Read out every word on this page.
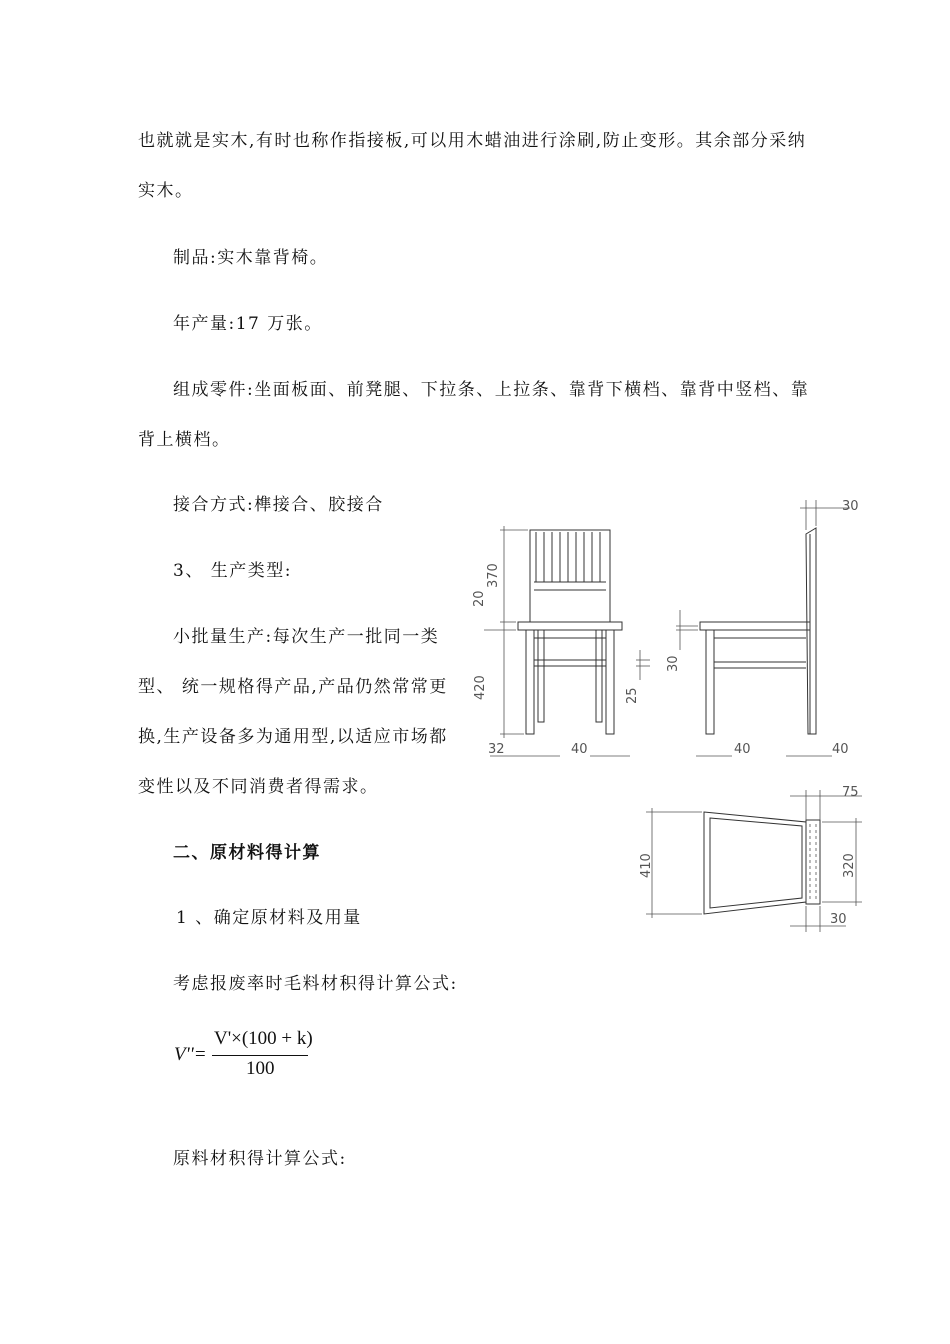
也就就是实木,有时也称作指接板,可以用木蜡油进行涂刷,防止变形。其余部分采纳
实木。
制品:实木靠背椅。
年产量:17 万张。
组成零件:坐面板面、前凳腿、下拉条、上拉条、靠背下横档、靠背中竖档、靠
背上横档。
接合方式:榫接合、胶接合
3、 生产类型:
小批量生产:每次生产一批同一类
型、 统一规格得产品,产品仍然常常更
换,生产设备多为通用型,以适应市场都
变性以及不同消费者得需求。
二、原材料得计算
1 、确定原材料及用量
考虑报废率时毛料材积得计算公式:
V''=
V'×(100 + k)
100
原料材积得计算公式:
370
20
420	25
32	40
30
30
40	40
75
410	320
30
